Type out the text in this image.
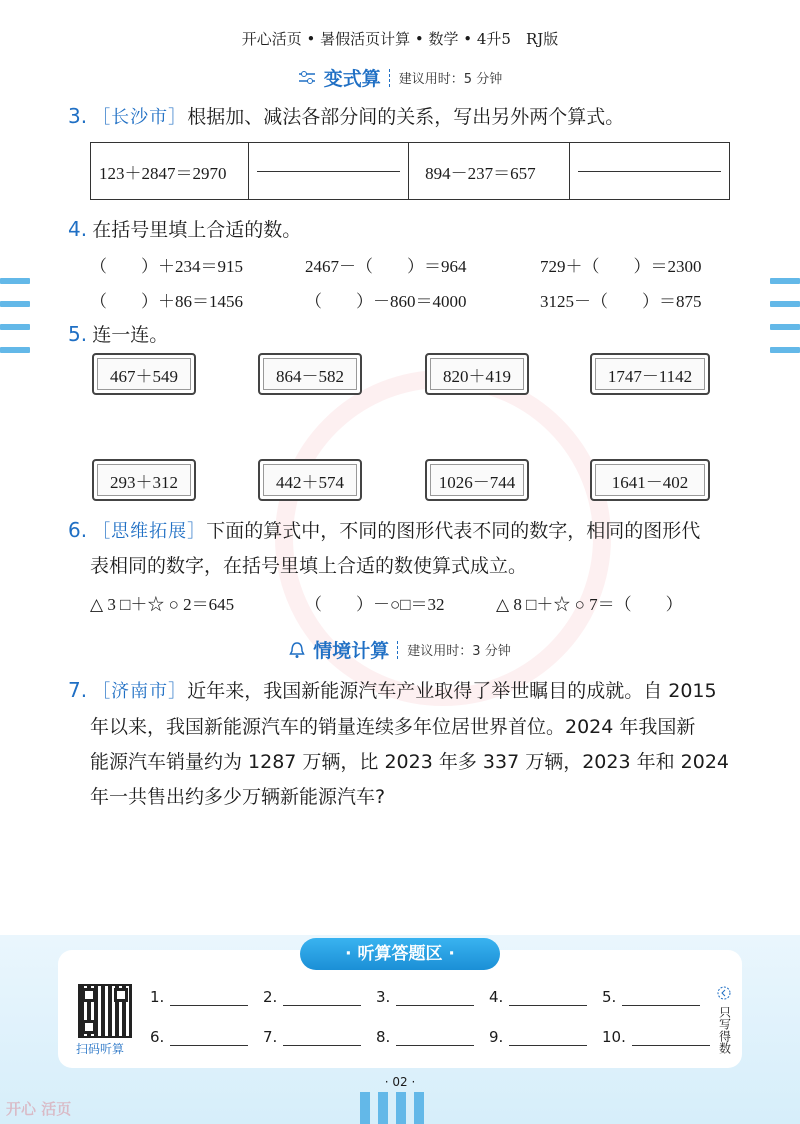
开心活页 • 暑假活页计算 • 数学 • 4升5　RJ版
变式算 建议用时：5 分钟
3. ［长沙市］根据加、减法各部分间的关系，写出另外两个算式。
123＋2847＝2970		894－237＝657	
4. 在括号里填上合适的数。
（　　）＋234＝915	2467－（　　）＝964	729＋（　　）＝2300
（　　）＋86＝1456	（　　）－860＝4000	3125－（　　）＝875
5. 连一连。
467＋549	864－582	820＋419	1747－1142
293＋312	442＋574	1026－744	1641－402
6. ［思维拓展］下面的算式中，不同的图形代表不同的数字，相同的图形代
表相同的数字，在括号里填上合适的数使算式成立。
△ 3 □＋☆ ○ 2＝645	（　　）－○□＝32	△ 8 □＋☆ ○ 7＝（　　）
情境计算 建议用时：3 分钟
7. ［济南市］近年来，我国新能源汽车产业取得了举世瞩目的成就。自 2015
年以来，我国新能源汽车的销量连续多年位居世界首位。2024 年我国新
能源汽车销量约为 1287 万辆，比 2023 年多 337 万辆，2023 年和 2024
年一共售出约多少万辆新能源汽车?
· 听算答题区 ·
扫码听算
1.	2.	3.	4.	5.
6.	7.	8.	9.	10.	只写得数
· 02 ·
开心 活页
